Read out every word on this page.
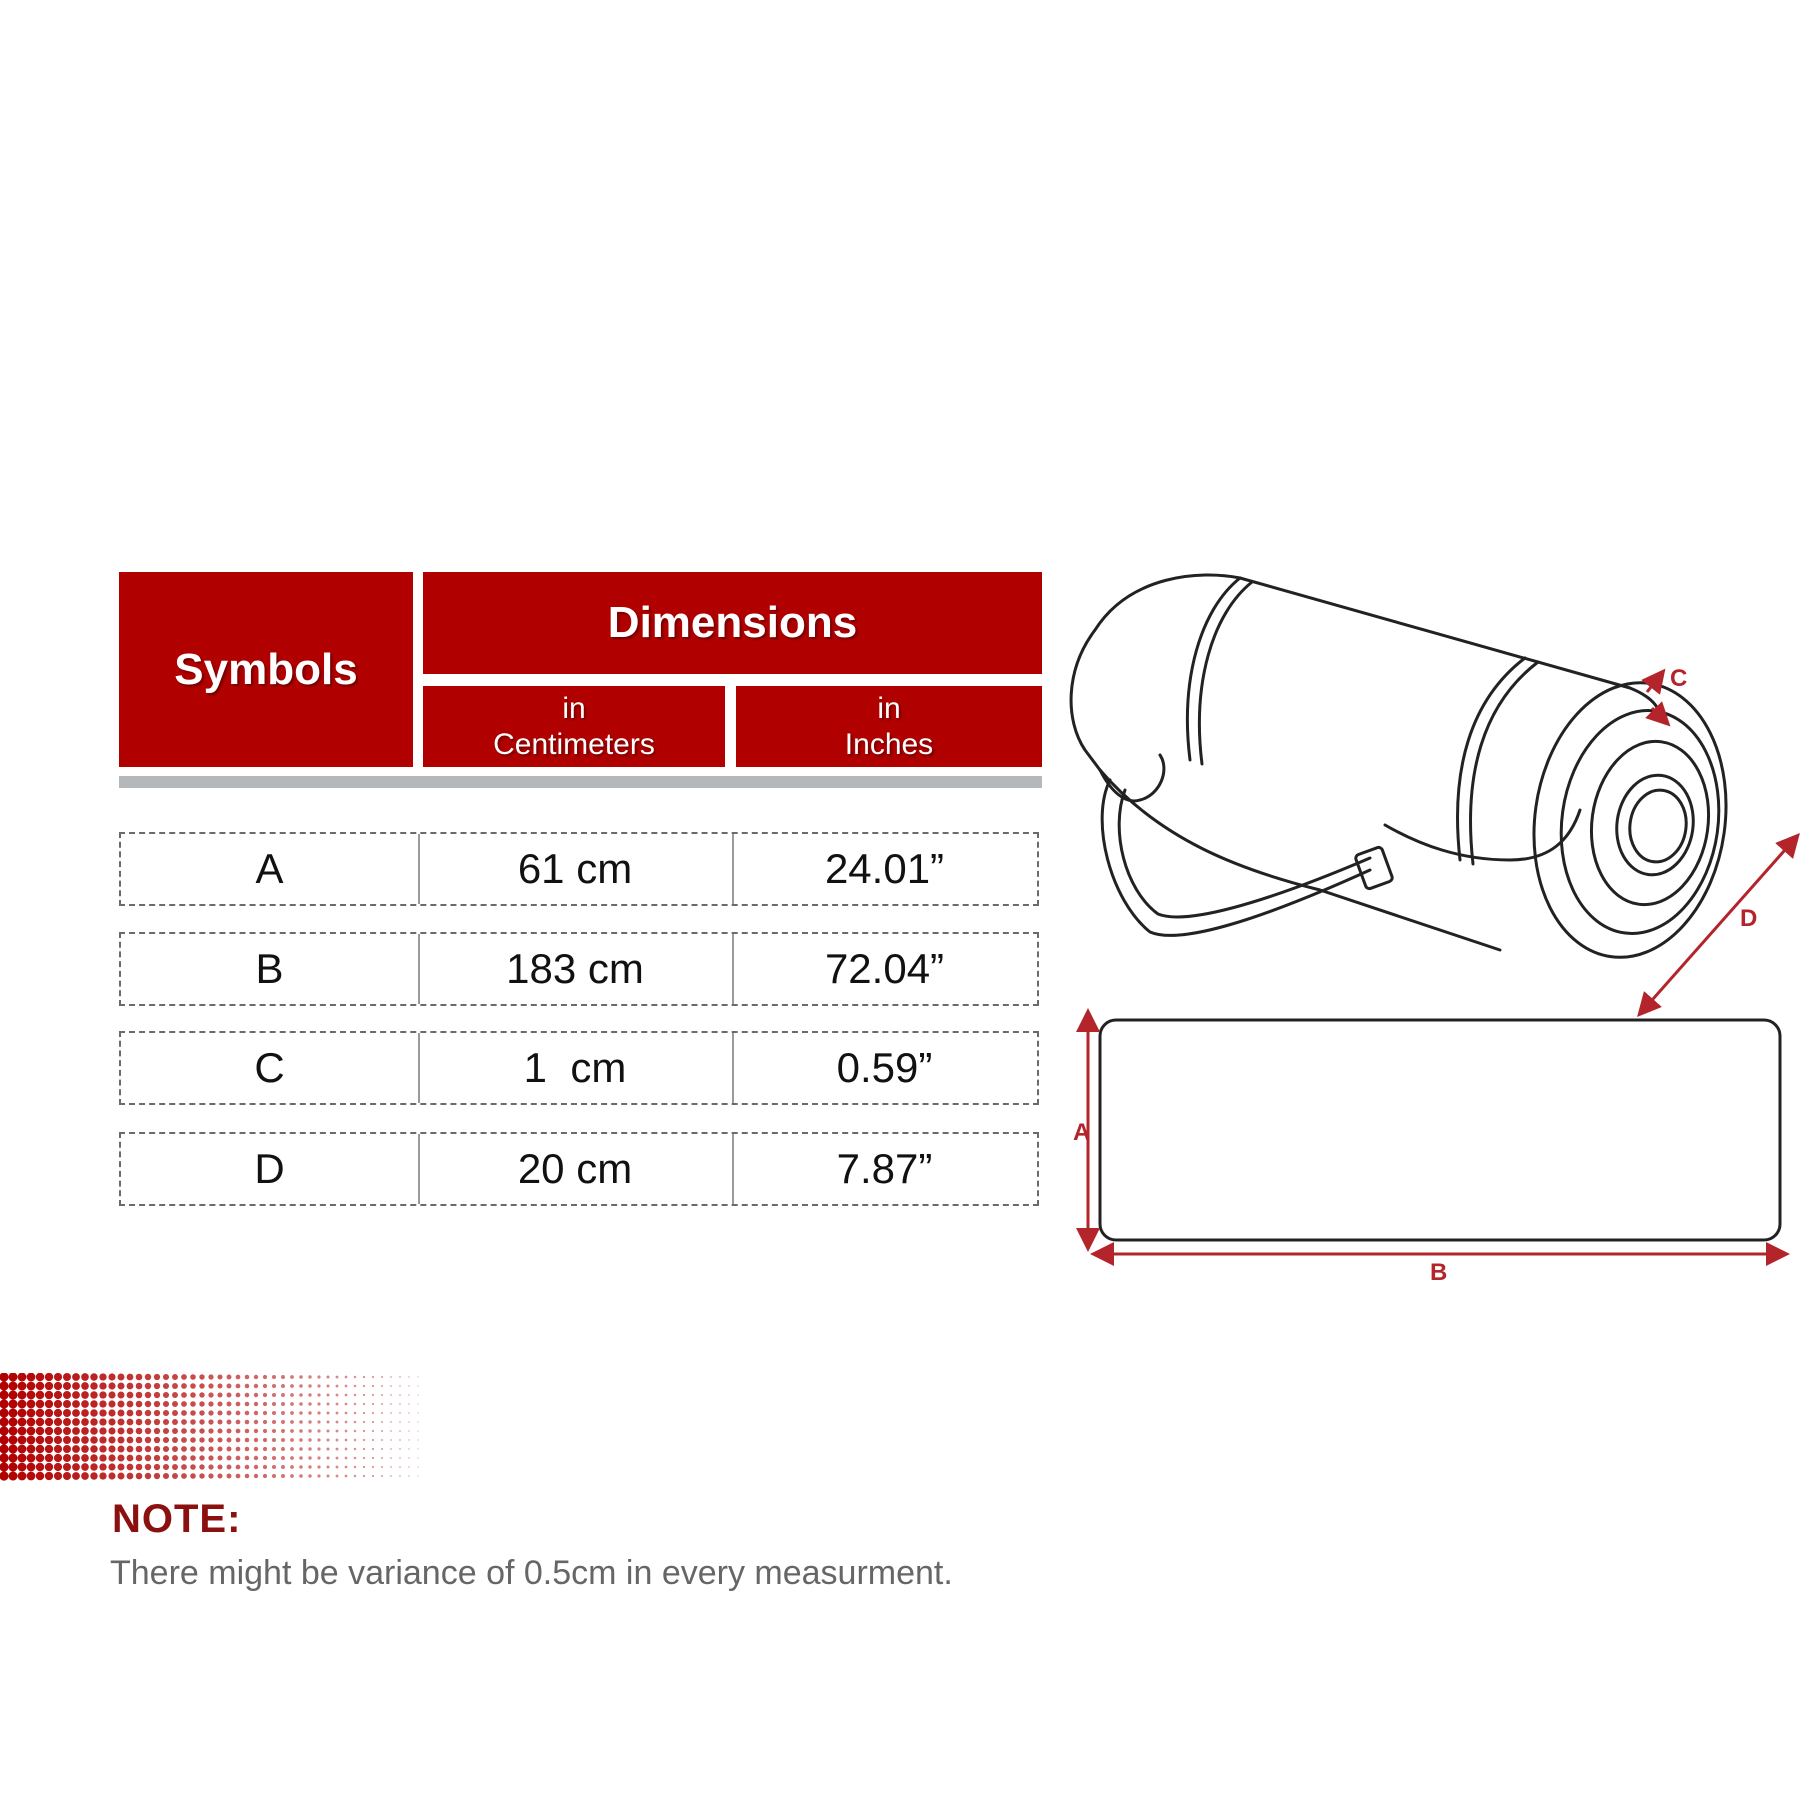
Symbols
Dimensions
in
Centimeters
in
Inches
A	61 cm	24.01”
B	183 cm	72.04”
C	1  cm	0.59”
D	20 cm	7.87”
A
B
C
D
NOTE:
There might be variance of 0.5cm in every measurment.
